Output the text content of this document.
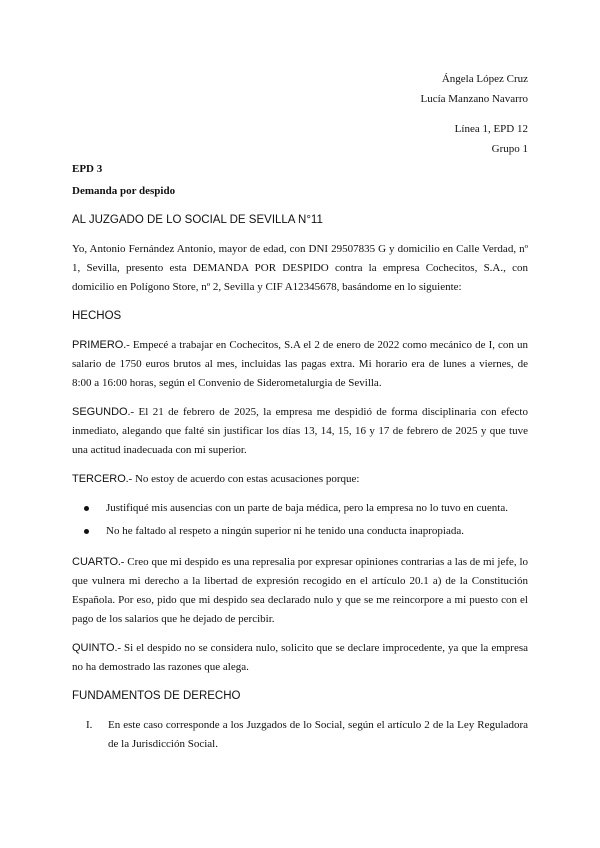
Ángela López Cruz
Lucía Manzano Navarro
Línea 1, EPD 12
Grupo 1

EPD 3

Demanda por despido

AL JUZGADO DE LO SOCIAL DE SEVILLA N°11

Yo, Antonio Fernández Antonio, mayor de edad, con DNI 29507835 G y domicilio en Calle Verdad, nº 1, Sevilla, presento esta DEMANDA POR DESPIDO contra la empresa Cochecitos, S.A., con domicilio en Polígono Store, nº 2, Sevilla y CIF A12345678, basándome en lo siguiente:

HECHOS

PRIMERO.- Empecé a trabajar en Cochecitos, S.A el 2 de enero de 2022 como mecánico de I, con un salario de 1750 euros brutos al mes, incluidas las pagas extra. Mi horario era de lunes a viernes, de 8:00 a 16:00 horas, según el Convenio de Siderometalurgia de Sevilla.

SEGUNDO.- El 21 de febrero de 2025, la empresa me despidió de forma disciplinaria con efecto inmediato, alegando que falté sin justificar los días 13, 14, 15, 16 y 17 de febrero de 2025 y que tuve una actitud inadecuada con mi superior.

TERCERO.- No estoy de acuerdo con estas acusaciones porque:

Justifiqué mis ausencias con un parte de baja médica, pero la empresa no lo tuvo en cuenta.
No he faltado al respeto a ningún superior ni he tenido una conducta inapropiada.

CUARTO.- Creo que mi despido es una represalia por expresar opiniones contrarias a las de mi jefe, lo que vulnera mi derecho a la libertad de expresión recogido en el artículo 20.1 a) de la Constitución Española. Por eso, pido que mi despido sea declarado nulo y que se me reincorpore a mi puesto con el pago de los salarios que he dejado de percibir.

QUINTO.- Si el despido no se considera nulo, solicito que se declare improcedente, ya que la empresa no ha demostrado las razones que alega.

FUNDAMENTOS DE DERECHO

I. En este caso corresponde a los Juzgados de lo Social, según el artículo 2 de la Ley Reguladora de la Jurisdicción Social.
